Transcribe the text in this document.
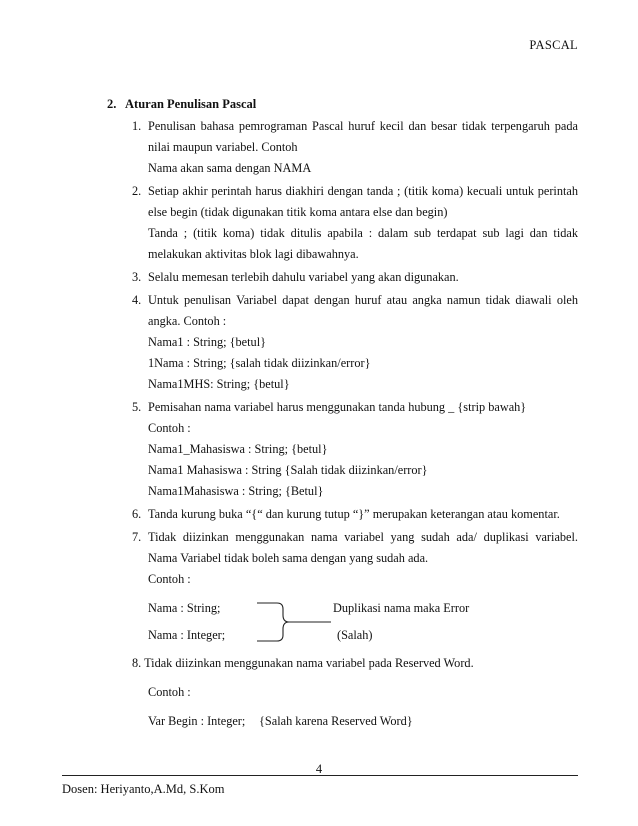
PASCAL
2. Aturan Penulisan Pascal
1. Penulisan bahasa pemrograman Pascal huruf kecil dan besar tidak terpengaruh pada
nilai maupun variabel. Contoh
Nama akan sama dengan NAMA
2. Setiap akhir perintah harus diakhiri dengan tanda ; (titik koma) kecuali untuk perintah
else begin (tidak digunakan titik koma antara else dan begin)
Tanda ; (titik koma) tidak ditulis apabila : dalam sub terdapat sub lagi dan tidak
melakukan aktivitas blok lagi dibawahnya.
3. Selalu memesan terlebih dahulu variabel yang akan digunakan.
4. Untuk penulisan Variabel dapat dengan huruf atau angka namun tidak diawali oleh
angka. Contoh :
Nama1 : String; {betul}
1Nama : String; {salah tidak diizinkan/error}
Nama1MHS: String; {betul}
5. Pemisahan nama variabel harus menggunakan tanda hubung _ {strip bawah}
Contoh :
Nama1_Mahasiswa : String; {betul}
Nama1 Mahasiswa : String {Salah tidak diizinkan/error}
Nama1Mahasiswa : String; {Betul}
6. Tanda kurung buka “{“ dan kurung tutup “}” merupakan keterangan atau komentar.
7. Tidak diizinkan menggunakan nama variabel yang sudah ada/ duplikasi variabel.
Nama Variabel tidak boleh sama dengan yang sudah ada.
Contoh :
Nama : String;	Duplikasi nama maka Error
Nama : Integer;	(Salah)
8. Tidak diizinkan menggunakan nama variabel pada Reserved Word.
Contoh :
Var Begin : Integer; {Salah karena Reserved Word}
4
Dosen: Heriyanto,A.Md, S.Kom
